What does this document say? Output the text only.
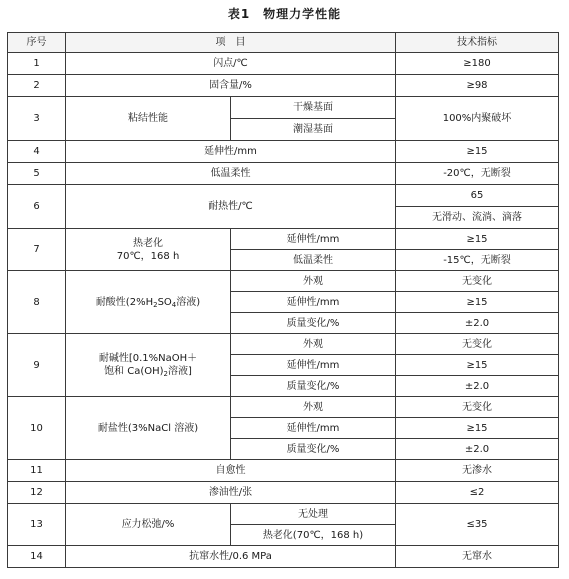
表1　物理力学性能
序号	项　目		技术指标
1	闪点/℃		≥180
2	固含量/%		≥98
3	粘结性能	干燥基面	100%内聚破坏
		潮湿基面	
4	延伸性/mm		≥15
5	低温柔性		-20℃，无断裂
6	耐热性/℃		65
			无滑动、流淌、滴落
7	热老化
70℃，168 h	延伸性/mm	≥15
		低温柔性	-15℃，无断裂
8	耐酸性($2\%H_2SO_4$溶液)	外观	无变化
		延伸性/mm	≥15
		质量变化/%	±2.0
9	耐碱性[0.1%NaOH＋
饱和 $Ca(OH)_2$溶液]	外观	无变化
		延伸性/mm	≥15
		质量变化/%	±2.0
10	耐盐性(3%NaCl 溶液)	外观	无变化
		延伸性/mm	≥15
		质量变化/%	±2.0
11	自愈性		无渗水
12	渗油性/张		≤2
13	应力松弛/%	无处理	≤35
		热老化(70℃，168 h)	
14	抗窜水性/0.6 MPa		无窜水
